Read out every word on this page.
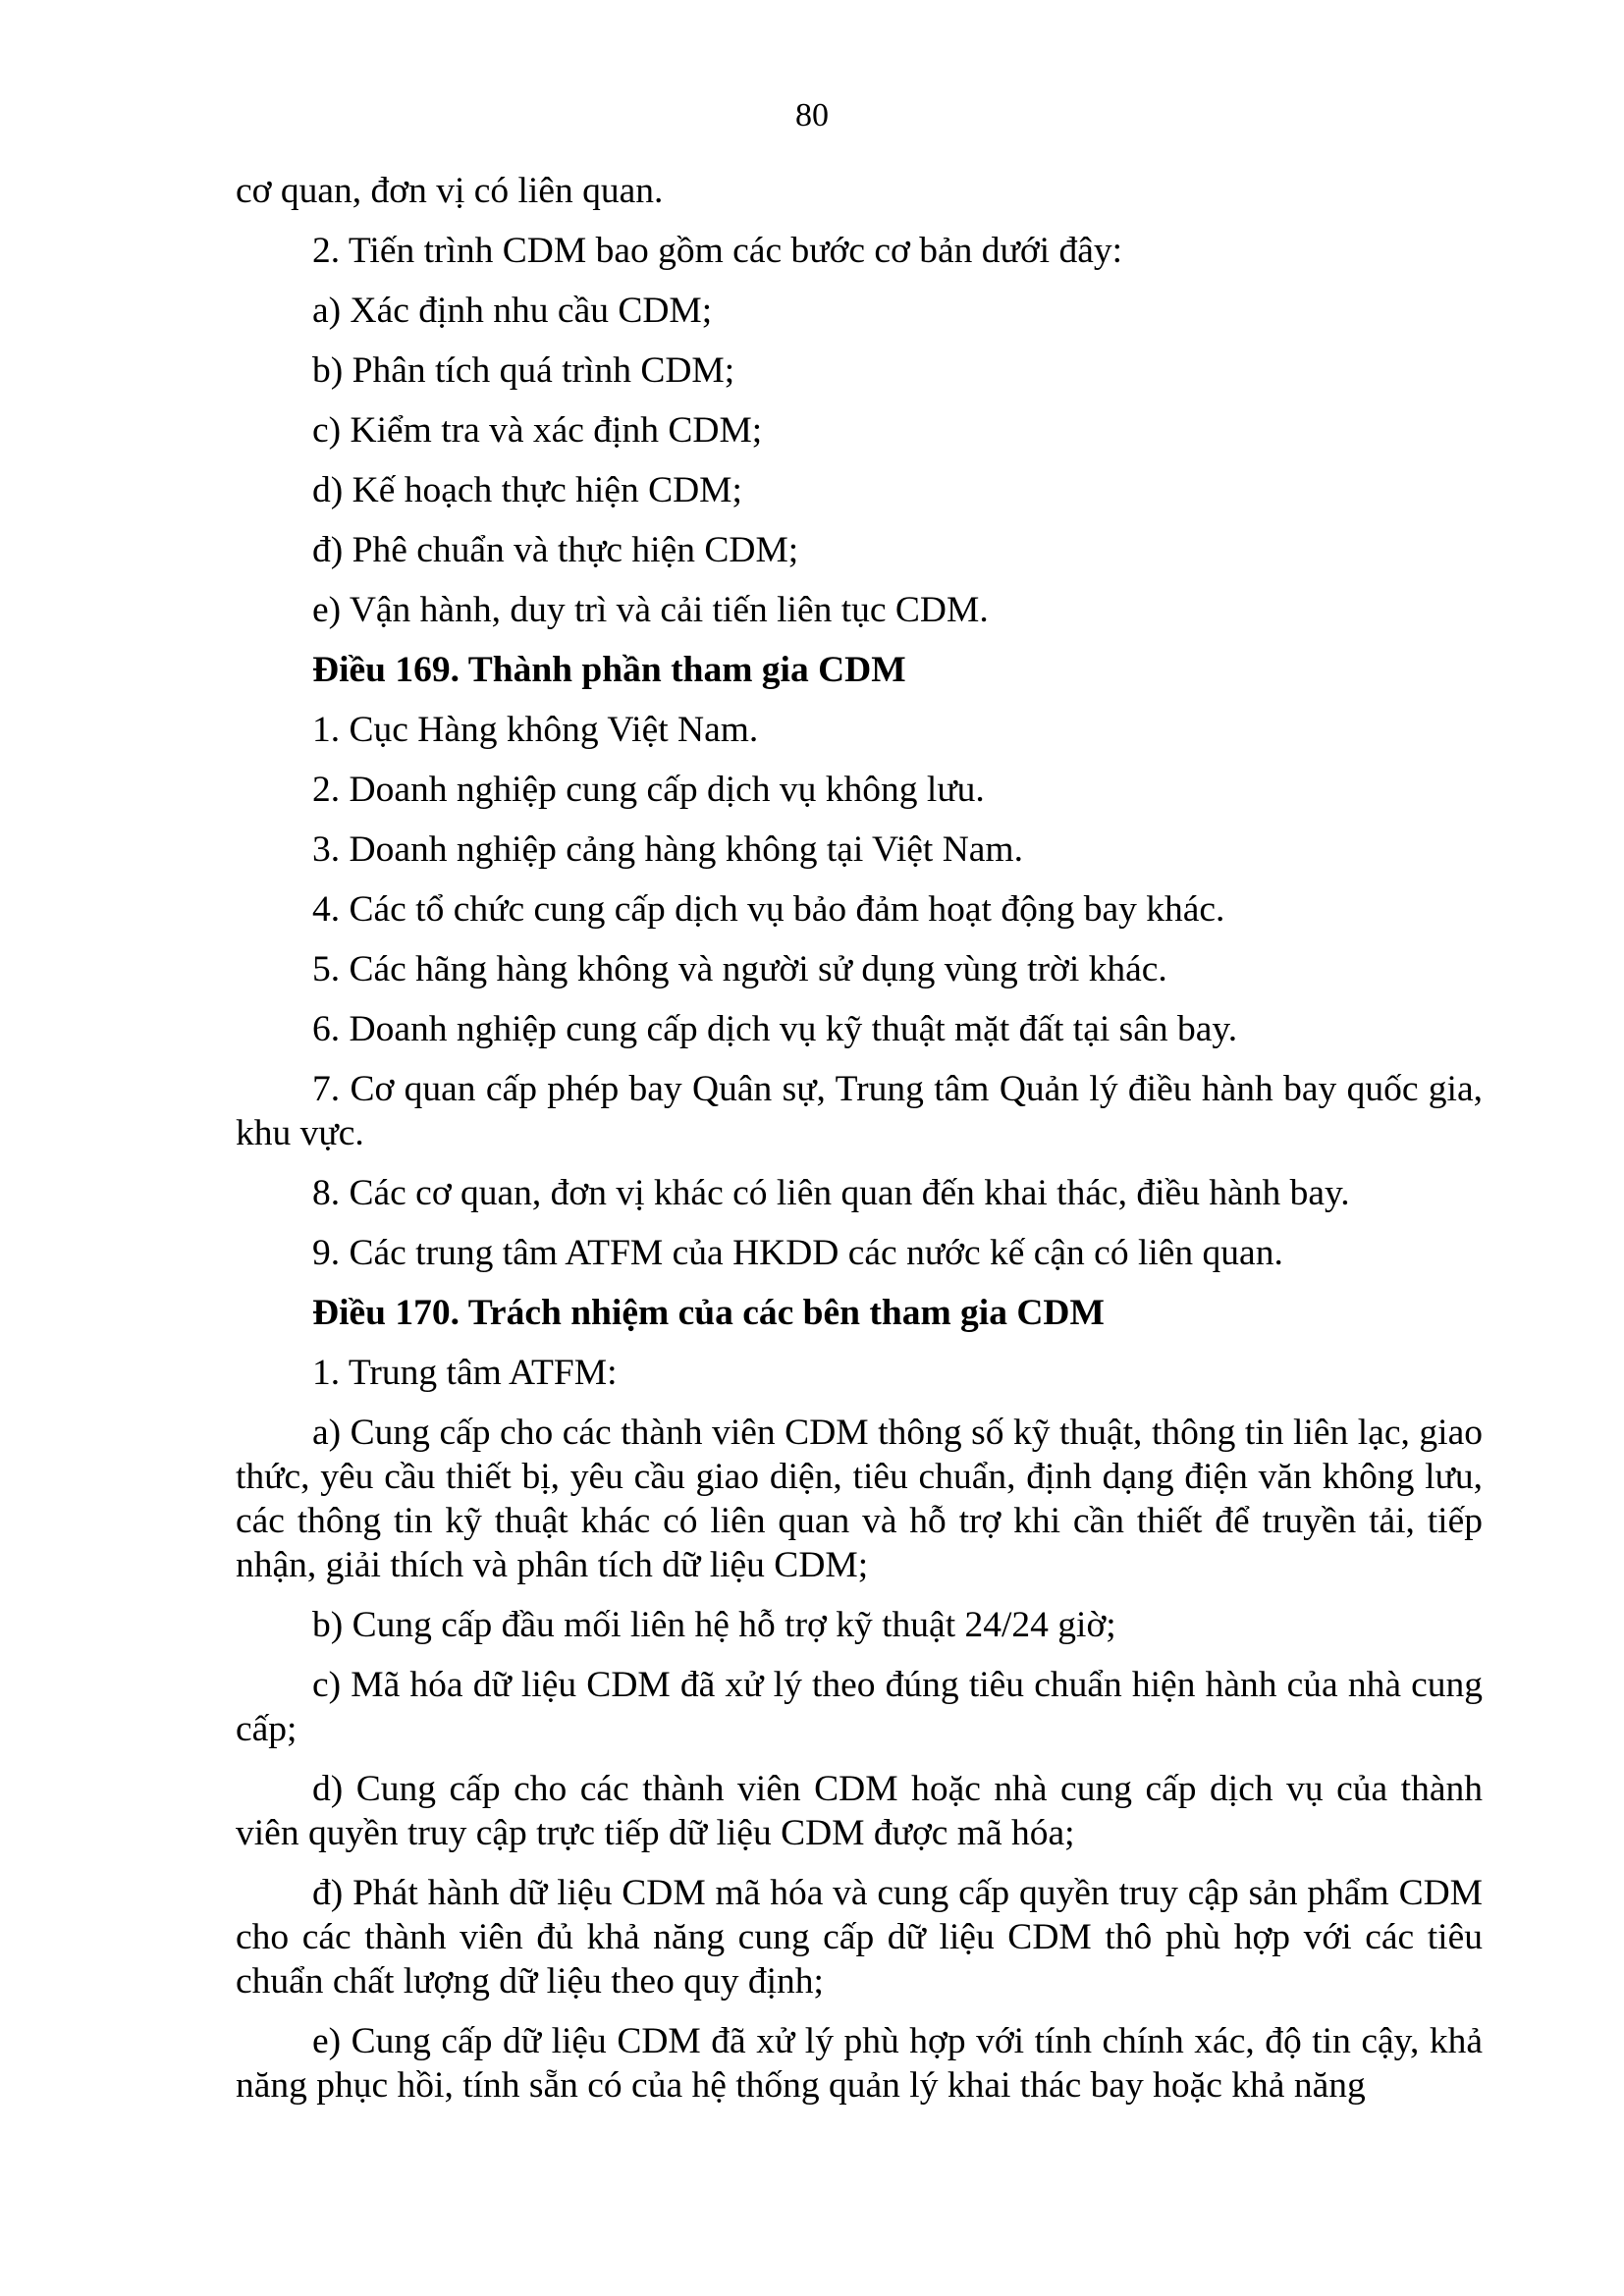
80

cơ quan, đơn vị có liên quan.

2. Tiến trình CDM bao gồm các bước cơ bản dưới đây:

a) Xác định nhu cầu CDM;

b) Phân tích quá trình CDM;

c) Kiểm tra và xác định CDM;

d) Kế hoạch thực hiện CDM;

đ) Phê chuẩn và thực hiện CDM;

e) Vận hành, duy trì và cải tiến liên tục CDM.

Điều 169. Thành phần tham gia CDM

1. Cục Hàng không Việt Nam.

2. Doanh nghiệp cung cấp dịch vụ không lưu.

3. Doanh nghiệp cảng hàng không tại Việt Nam.

4. Các tổ chức cung cấp dịch vụ bảo đảm hoạt động bay khác.

5. Các hãng hàng không và người sử dụng vùng trời khác.

6. Doanh nghiệp cung cấp dịch vụ kỹ thuật mặt đất tại sân bay.

7. Cơ quan cấp phép bay Quân sự, Trung tâm Quản lý điều hành bay quốc gia, khu vực.

8. Các cơ quan, đơn vị khác có liên quan đến khai thác, điều hành bay.

9. Các trung tâm ATFM của HKDD các nước kế cận có liên quan.

Điều 170. Trách nhiệm của các bên tham gia CDM

1. Trung tâm ATFM:

a) Cung cấp cho các thành viên CDM thông số kỹ thuật, thông tin liên lạc, giao thức, yêu cầu thiết bị, yêu cầu giao diện, tiêu chuẩn, định dạng điện văn không lưu, các thông tin kỹ thuật khác có liên quan và hỗ trợ khi cần thiết để truyền tải, tiếp nhận, giải thích và phân tích dữ liệu CDM;

b) Cung cấp đầu mối liên hệ hỗ trợ kỹ thuật 24/24 giờ;

c) Mã hóa dữ liệu CDM đã xử lý theo đúng tiêu chuẩn hiện hành của nhà cung cấp;

d) Cung cấp cho các thành viên CDM hoặc nhà cung cấp dịch vụ của thành viên quyền truy cập trực tiếp dữ liệu CDM được mã hóa;

đ) Phát hành dữ liệu CDM mã hóa và cung cấp quyền truy cập sản phẩm CDM cho các thành viên đủ khả năng cung cấp dữ liệu CDM thô phù hợp với các tiêu chuẩn chất lượng dữ liệu theo quy định;

e) Cung cấp dữ liệu CDM đã xử lý phù hợp với tính chính xác, độ tin cậy, khả năng phục hồi, tính sẵn có của hệ thống quản lý khai thác bay hoặc khả năng
